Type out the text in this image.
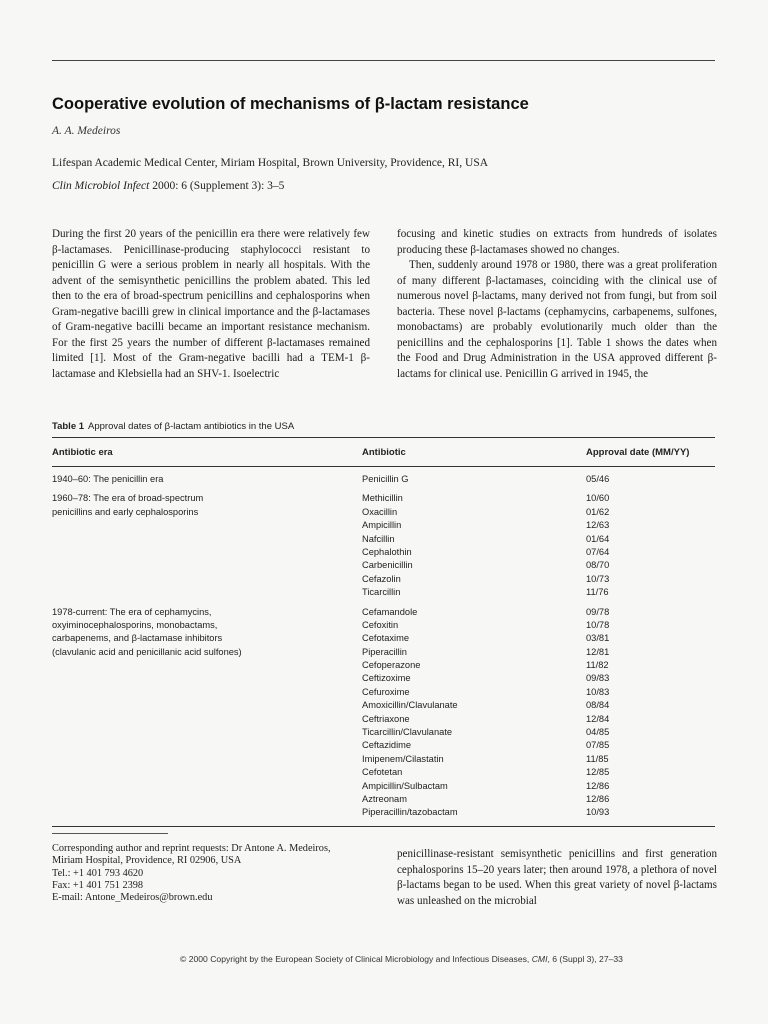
Cooperative evolution of mechanisms of β-lactam resistance
A. A. Medeiros
Lifespan Academic Medical Center, Miriam Hospital, Brown University, Providence, RI, USA
Clin Microbiol Infect 2000: 6 (Supplement 3): 3–5

During the first 20 years of the penicillin era there were relatively few β-lactamases. Penicillinase-producing staphylococci resistant to penicillin G were a serious problem in nearly all hospitals. With the advent of the semisynthetic penicillins the problem abated. This led then to the era of broad-spectrum penicillins and cephalosporins when Gram-negative bacilli grew in clinical importance and the β-lactamases of Gram-negative bacilli became an important resistance mechanism. For the first 25 years the number of different β-lactamases remained limited [1]. Most of the Gram-negative bacilli had a TEM-1 β-lactamase and Klebsiella had an SHV-1. Isoelectric

focusing and kinetic studies on extracts from hundreds of isolates producing these β-lactamases showed no changes.

Then, suddenly around 1978 or 1980, there was a great proliferation of many different β-lactamases, coinciding with the clinical use of numerous novel β-lactams, many derived not from fungi, but from soil bacteria. These novel β-lactams (cephamycins, carbapenems, sulfones, monobactams) are probably evolutionarily much older than the penicillins and the cephalosporins [1]. Table 1 shows the dates when the Food and Drug Administration in the USA approved different β-lactams for clinical use. Penicillin G arrived in 1945, the

Table 1 Approval dates of β-lactam antibiotics in the USA
Antibiotic era	Antibiotic	Approval date (MM/YY)
1940–60: The penicillin era	Penicillin G	05/46
1960–78: The era of broad-spectrum
penicillins and early cephalosporins
Methicillin	10/60
Oxacillin	01/62
Ampicillin	12/63
Nafcillin	01/64
Cephalothin	07/64
Carbenicillin	08/70
Cefazolin	10/73
Ticarcillin	11/76
1978-current: The era of cephamycins,
oxyiminocephalosporins, monobactams,
carbapenems, and β-lactamase inhibitors
(clavulanic acid and penicillanic acid sulfones)
Cefamandole	09/78
Cefoxitin	10/78
Cefotaxime	03/81
Piperacillin	12/81
Cefoperazone	11/82
Ceftizoxime	09/83
Cefuroxime	10/83
Amoxicillin/Clavulanate	08/84
Ceftriaxone	12/84
Ticarcillin/Clavulanate	04/85
Ceftazidime	07/85
Imipenem/Cilastatin	11/85
Cefotetan	12/85
Ampicillin/Sulbactam	12/86
Aztreonam	12/86
Piperacillin/tazobactam	10/93
Corresponding author and reprint requests: Dr Antone A. Medeiros,
Miriam Hospital, Providence, RI 02906, USA
Tel.: +1 401 793 4620
Fax: +1 401 751 2398
E-mail: Antone_Medeiros@brown.edu

penicillinase-resistant semisynthetic penicillins and first generation cephalosporins 15–20 years later; then around 1978, a plethora of novel β-lactams began to be used. When this great variety of novel β-lactams was unleashed on the microbial

© 2000 Copyright by the European Society of Clinical Microbiology and Infectious Diseases, CMI, 6 (Suppl 3), 27–33
